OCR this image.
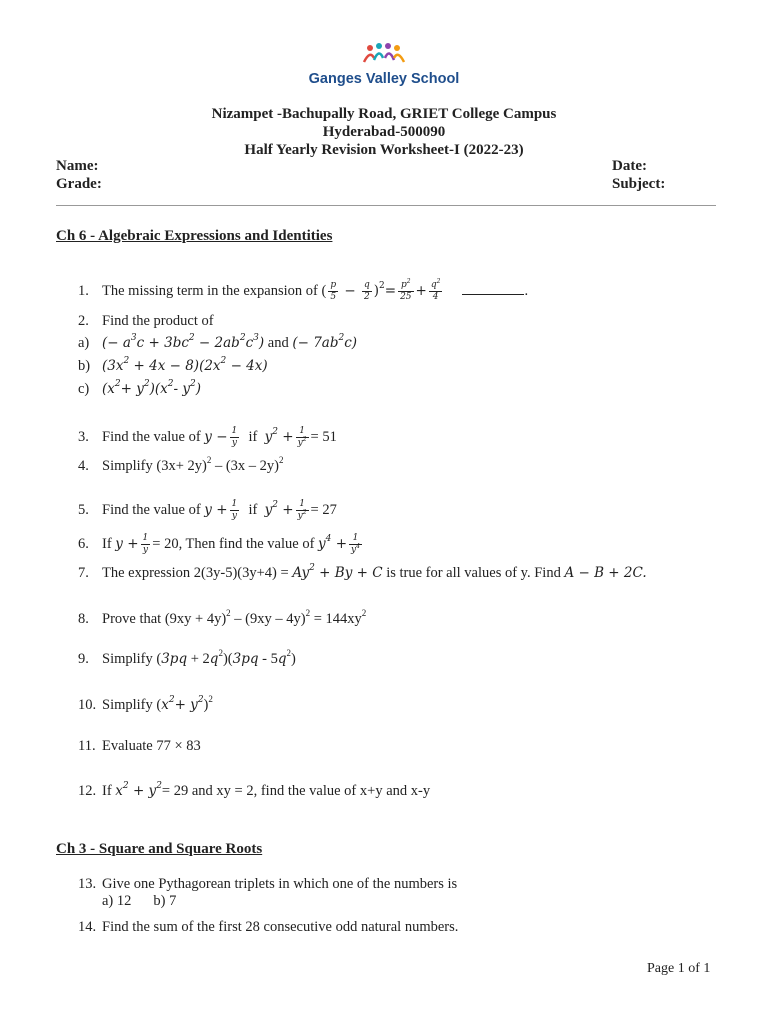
Ganges Valley School
Nizampet -Bachupally Road, GRIET College Campus
Hyderabad-500090
Half Yearly Revision Worksheet-I (2022-23)
Name:
Grade:
Date:
Subject:
Ch 6 - Algebraic Expressions and Identities
1. The missing term in the expansion of ( $\frac{p}{5} - \frac{q}{2} )^2= \frac{p^2}{25} + \frac{q^2}{4}$	.
2. Find the product of
a) (− $a^3c + 3bc^2 - 2ab^2c^3$) and (− $7ab^2c$)
b) $(3x^2 + 4x - 8)(2x^2 - 4x)$
c) $(x^2+ y^2)(x^2-$ $y^2$)
3. Find the value of $y - \frac{1}{y}$ if $y^2 + \frac{1}{y^2} = 51$
4. Simplify $(3x+ 2y)^2 - (3x - 2y)^2$
5. Find the value of $y + \frac{1}{y}$ if $y^2 + \frac{1}{y^2} = 27$
6. If $y + \frac{1}{y} = 20$, Then find the value of $y^4 + \frac{1}{y^4}$
7. The expression $2(3y-5)(3y+4) = Ay^2 + By + C$ is true for all values of y. Find A − B + 2C.
8. Prove that $(9xy + 4y)^2 - (9xy - 4y)^2 = 144xy^2$
9. Simplify $(3pq + 2q^2)(3pq - 5q^2)$
10. Simplify $(x^2+ y^2)^2$
11. Evaluate 77 × 83
12. If $x^2 + y^2= 29$ and xy = 2, find the value of x+y and x-y
Ch 3 - Square and Square Roots
13. Give one Pythagorean triplets in which one of the numbers is
a) 12 b) 7
14. Find the sum of the first 28 consecutive odd natural numbers.
Page 1 of 1
